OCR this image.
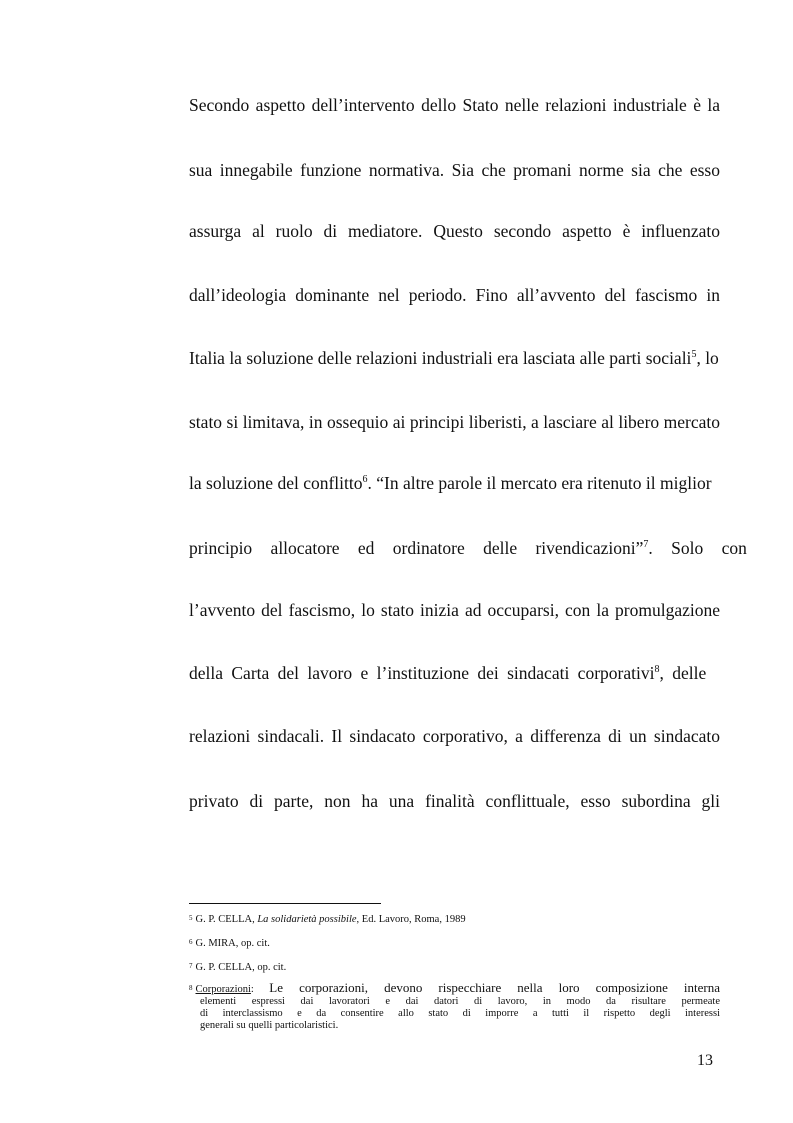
Secondo aspetto dell’intervento dello Stato nelle relazioni industriale è la
sua innegabile funzione normativa. Sia che promani norme sia che esso
assurga al ruolo di mediatore. Questo secondo aspetto è influenzato
dall’ideologia dominante nel periodo. Fino all’avvento del fascismo in
Italia la soluzione delle relazioni industriali era lasciata alle parti sociali$^5$, lo
stato si limitava, in ossequio ai principi liberisti, a lasciare al libero mercato
la soluzione del conflitto$^6$. “In altre parole il mercato era ritenuto il miglior
principio allocatore ed ordinatore delle rivendicazioni”$^7$. Solo con
l’avvento del fascismo, lo stato inizia ad occuparsi, con la promulgazione
della Carta del lavoro e l’instituzione dei sindacati corporativi$^8$, delle
relazioni sindacali. Il sindacato corporativo, a differenza di un sindacato
privato di parte, non ha una finalità conflittuale, esso subordina gli
5 G. P. CELLA, La solidarietà possibile, Ed. Lavoro, Roma, 1989
6 G. MIRA, op. cit.
7 G. P. CELLA, op. cit.
8 Corporazioni: Le corporazioni, devono rispecchiare nella loro composizione interna
elementi espressi dai lavoratori e dai datori di lavoro, in modo da risultare permeate
di interclassismo e da consentire allo stato di imporre a tutti il rispetto degli interessi
generali su quelli particolaristici.
13
